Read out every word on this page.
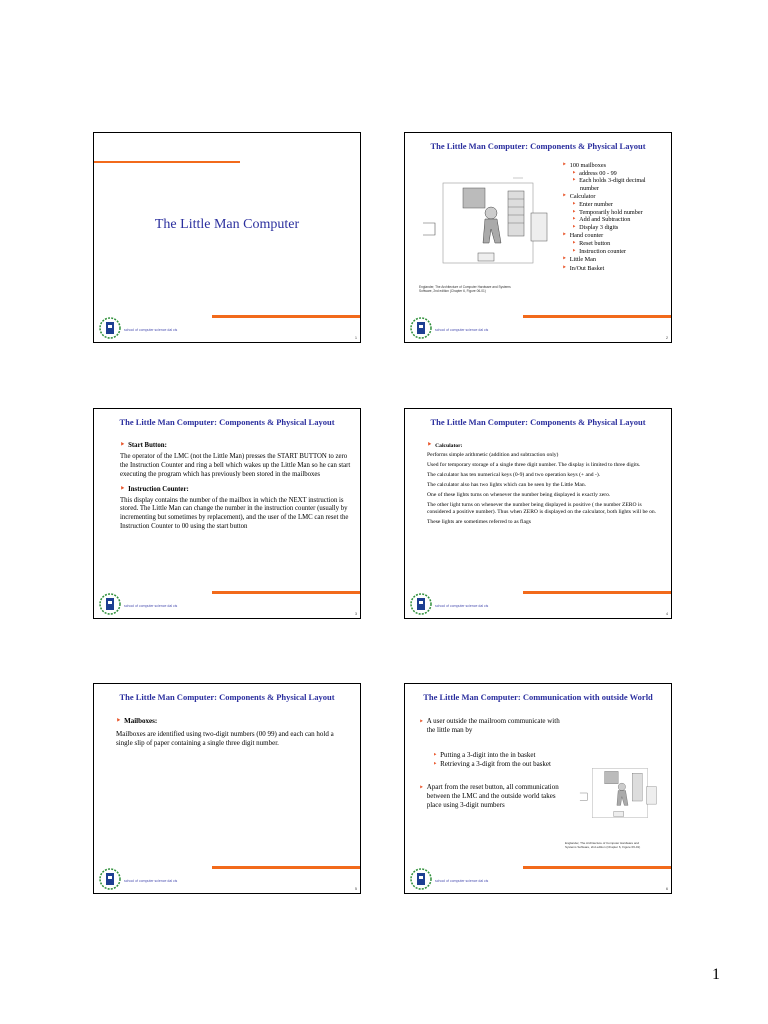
The Little Man Computer
school of computer science dal cis
1
The Little Man Computer: Components & Physical Layout
Englander, The Architecture of Computer Hardware and Systems Software, 2nd edition (Chapter 6, Figure 06-01)
‣ 100 mailboxes
‣ address 00 - 99
‣ Each holds 3-digit decimal
number
‣ Calculator
‣ Enter number
‣ Temporarily hold number
‣ Add and Subtraction
‣ Display 3 digits
‣ Hand counter
‣ Reset button
‣ Instruction counter
‣ Little Man
‣ In/Out Basket
school of computer science dal cis
2
The Little Man Computer: Components & Physical Layout
‣ Start Button:

The operator of the LMC (not the Little Man) presses the START BUTTON to zero the Instruction Counter and ring a bell which wakes up the Little Man so he can start executing the program which has previously been stored in the mailboxes

‣ Instruction Counter:

This display contains the number of the mailbox in which the NEXT instruction is stored. The Little Man can change the number in the instruction counter (usually by incrementing but sometimes by replacement), and the user of the LMC can reset the Instruction Counter to 00 using the start button

school of computer science dal cis
3
The Little Man Computer: Components & Physical Layout
‣ Calculator:

Performs simple arithmetic (addition and subtraction only)

Used for temporary storage of a single three digit number. The display is limited to three digits.

The calculator has ten numerical keys (0-9) and two operation keys (+ and -).

The calculator also has two lights which can be seen by the Little Man.

One of these lights turns on whenever the number being displayed is exactly zero.

The other light turns on whenever the number being displayed is positive ( the number ZERO is considered a positive number). Thus when ZERO is displayed on the calculator, both lights will be on.

These lights are sometimes referred to as flags

school of computer science dal cis
4
The Little Man Computer: Components & Physical Layout
‣ Mailboxes:
Mailboxes are identified using two-digit numbers (00 99) and each can hold a single slip of paper containing a single three digit number.
school of computer science dal cis
5
The Little Man Computer: Communication with outside World
‣ A user outside the mailroom communicate with the little man by
‣ Putting a 3-digit into the in basket
‣ Retrieving a 3-digit from the out basket
‣ Apart from the reset button, all communication between the LMC and the outside world takes place using 3-digit numbers
Englander, The Architecture of Computer Hardware and Systems Software, 2nd edition (Chapter 6, Figure 06-01)
school of computer science dal cis
6
1
